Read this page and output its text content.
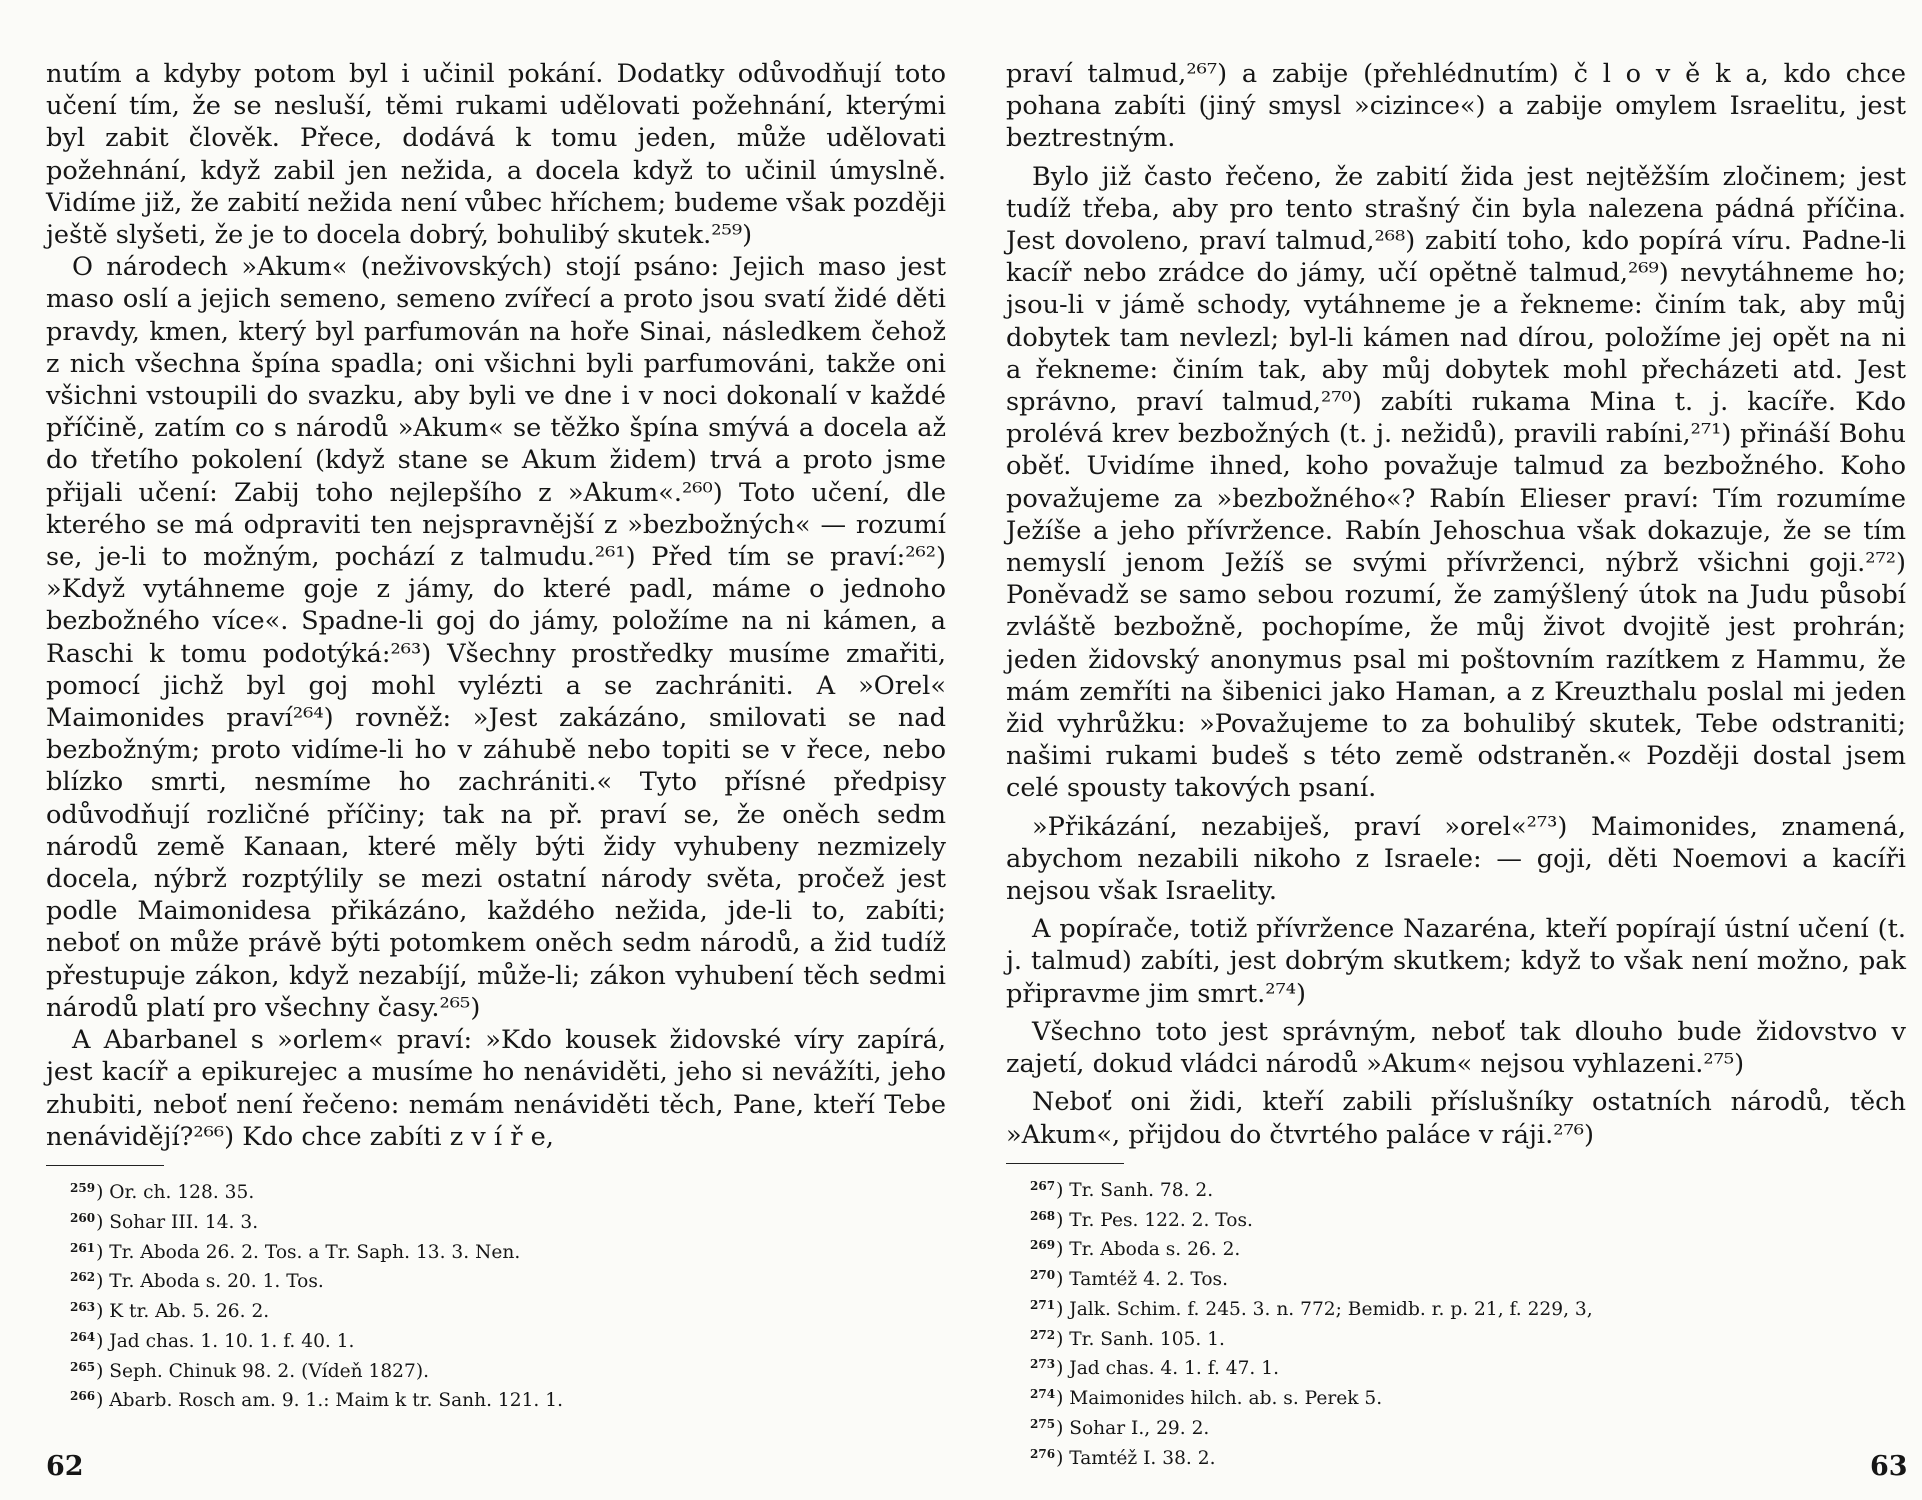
nutím a kdyby potom byl i učinil pokání. Dodatky odůvodňují toto učení tím, že se nesluší, těmi rukami udělovati požehnání, kterými byl zabit člověk. Přece, dodává k tomu jeden, může udělovati požehnání, když zabil jen nežida, a docela když to učinil úmyslně. Vidíme již, že zabití nežida není vůbec hříchem; budeme však později ještě slyšeti, že je to docela dobrý, bohulibý skutek.²⁵⁹)

O národech »Akum« (neživovských) stojí psáno: Jejich maso jest maso oslí a jejich semeno, semeno zvířecí a proto jsou svatí židé děti pravdy, kmen, který byl parfumován na hoře Sinai, následkem čehož z nich všechna špína spadla; oni všichni byli parfumováni, takže oni všichni vstoupili do svazku, aby byli ve dne i v noci dokonalí v každé příčině, zatím co s národů »Akum« se těžko špína smývá a docela až do třetího pokolení (když stane se Akum židem) trvá a proto jsme přijali učení: Zabij toho nejlepšího z »Akum«.²⁶⁰) Toto učení, dle kterého se má odpraviti ten nejspravnější z »bezbožných« — rozumí se, je-li to možným, pochází z talmudu.²⁶¹) Před tím se praví:²⁶²) »Když vytáhneme goje z jámy, do které padl, máme o jednoho bezbožného více«. Spadne-li goj do jámy, položíme na ni kámen, a Raschi k tomu podotýká:²⁶³) Všechny prostředky musíme zmařiti, pomocí jichž byl goj mohl vylézti a se zachrániti. A »Orel« Maimonides praví²⁶⁴) rovněž: »Jest zakázáno, smilovati se nad bezbožným; proto vidíme-li ho v záhubě nebo topiti se v řece, nebo blízko smrti, nesmíme ho zachrániti.« Tyto přísné předpisy odůvodňují rozličné příčiny; tak na př. praví se, že oněch sedm národů země Kanaan, které měly býti židy vyhubeny nezmizely docela, nýbrž rozptýlily se mezi ostatní národy světa, pročež jest podle Maimonidesa přikázáno, každého nežida, jde-li to, zabíti; neboť on může právě býti potomkem oněch sedm národů, a žid tudíž přestupuje zákon, když nezabíjí, může-li; zákon vyhubení těch sedmi národů platí pro všechny časy.²⁶⁵)

A Abarbanel s »orlem« praví: »Kdo kousek židovské víry zapírá, jest kacíř a epikurejec a musíme ho nenáviděti, jeho si nevážíti, jeho zhubiti, neboť není řečeno: nemám nenáviděti těch, Pane, kteří Tebe nenávidějí?²⁶⁶) Kdo chce zabíti z v í ř e,

$^{259}$) Or. ch. 128. 35.
$^{260}$) Sohar III. 14. 3.
$^{261}$) Tr. Aboda 26. 2. Tos. a Tr. Saph. 13. 3. Nen.
$^{262}$) Tr. Aboda s. 20. 1. Tos.
$^{263}$) K tr. Ab. 5. 26. 2.
$^{264}$) Jad chas. 1. 10. 1. f. 40. 1.
$^{265}$) Seph. Chinuk 98. 2. (Vídeň 1827).
$^{266}$) Abarb. Rosch am. 9. 1.: Maim k tr. Sanh. 121. 1.
62

praví talmud,²⁶⁷) a zabije (přehlédnutím) č l o v ě k a, kdo chce pohana zabíti (jiný smysl »cizince«) a zabije omylem Israelitu, jest beztrestným.

Bylo již často řečeno, že zabití žida jest nejtěžším zločinem; jest tudíž třeba, aby pro tento strašný čin byla nalezena pádná příčina. Jest dovoleno, praví talmud,²⁶⁸) zabití toho, kdo popírá víru. Padne-li kacíř nebo zrádce do jámy, učí opětně talmud,²⁶⁹) nevytáhneme ho; jsou-li v jámě schody, vytáhneme je a řekneme: činím tak, aby můj dobytek tam nevlezl; byl-li kámen nad dírou, položíme jej opět na ni a řekneme: činím tak, aby můj dobytek mohl přecházeti atd. Jest správno, praví talmud,²⁷⁰) zabíti rukama Mina t. j. kacíře. Kdo prolévá krev bezbožných (t. j. nežidů), pravili rabíni,²⁷¹) přináší Bohu oběť. Uvidíme ihned, koho považuje talmud za bezbožného. Koho považujeme za »bezbožného«? Rabín Elieser praví: Tím rozumíme Ježíše a jeho přívržence. Rabín Jehoschua však dokazuje, že se tím nemyslí jenom Ježíš se svými přívrženci, nýbrž všichni goji.²⁷²) Poněvadž se samo sebou rozumí, že zamýšlený útok na Judu působí zvláště bezbožně, pochopíme, že můj život dvojitě jest prohrán; jeden židovský anonymus psal mi poštovním razítkem z Hammu, že mám zemříti na šibenici jako Haman, a z Kreuzthalu poslal mi jeden žid vyhrůžku: »Považujeme to za bohulibý skutek, Tebe odstraniti; našimi rukami budeš s této země odstraněn.« Později dostal jsem celé spousty takových psaní.

»Přikázání, nezabiješ, praví »orel«²⁷³) Maimonides, znamená, abychom nezabili nikoho z Israele: — goji, děti Noemovi a kacíři nejsou však Israelity.

A popírače, totiž přívržence Nazaréna, kteří popírají ústní učení (t. j. talmud) zabíti, jest dobrým skutkem; když to však není možno, pak připravme jim smrt.²⁷⁴)

Všechno toto jest správným, neboť tak dlouho bude židovstvo v zajetí, dokud vládci národů »Akum« nejsou vyhlazeni.²⁷⁵)

Neboť oni židi, kteří zabili příslušníky ostatních národů, těch »Akum«, přijdou do čtvrtého paláce v ráji.²⁷⁶)

$^{267}$) Tr. Sanh. 78. 2.
$^{268}$) Tr. Pes. 122. 2. Tos.
$^{269}$) Tr. Aboda s. 26. 2.
$^{270}$) Tamtéž 4. 2. Tos.
$^{271}$) Jalk. Schim. f. 245. 3. n. 772; Bemidb. r. p. 21, f. 229, 3,
$^{272}$) Tr. Sanh. 105. 1.
$^{273}$) Jad chas. 4. 1. f. 47. 1.
$^{274}$) Maimonides hilch. ab. s. Perek 5.
$^{275}$) Sohar I., 29. 2.
$^{276}$) Tamtéž I. 38. 2.	63
